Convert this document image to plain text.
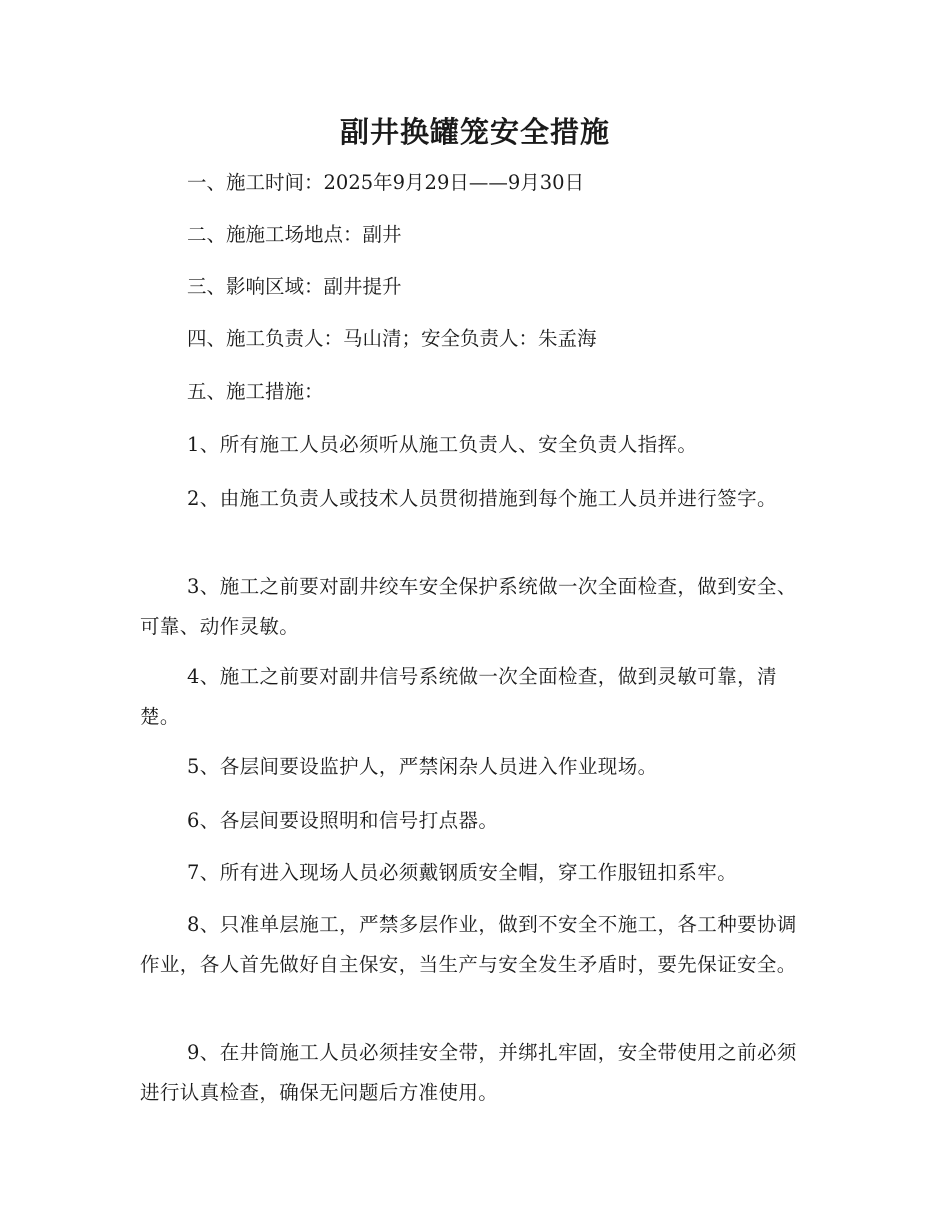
副井换罐笼安全措施
一、施工时间：2025年9月29日——9月30日
二、施施工场地点：副井
三、影响区域：副井提升
四、施工负责人：马山清；安全负责人：朱孟海
五、施工措施：
1、所有施工人员必须听从施工负责人、安全负责人指挥。
2、由施工负责人或技术人员贯彻措施到每个施工人员并进行签字。
3、施工之前要对副井绞车安全保护系统做一次全面检查，做到安全、可靠、动作灵敏。
4、施工之前要对副井信号系统做一次全面检查，做到灵敏可靠，清楚。
5、各层间要设监护人，严禁闲杂人员进入作业现场。
6、各层间要设照明和信号打点器。
7、所有进入现场人员必须戴钢质安全帽，穿工作服钮扣系牢。
8、只准单层施工，严禁多层作业，做到不安全不施工，各工种要协调作业，各人首先做好自主保安，当生产与安全发生矛盾时，要先保证安全。
9、在井筒施工人员必须挂安全带，并绑扎牢固，安全带使用之前必须进行认真检查，确保无问题后方准使用。
